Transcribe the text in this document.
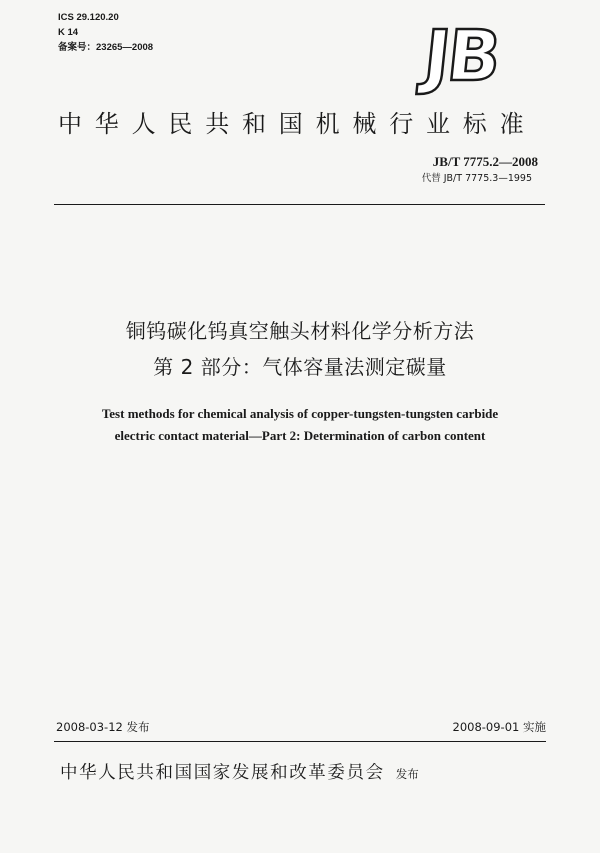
ICS 29.120.20
K 14
备案号：23265—2008	JB
中华人民共和国机械行业标准
JB/T 7775.2—2008
代替 JB/T 7775.3—1995
铜钨碳化钨真空触头材料化学分析方法
第 2 部分：气体容量法测定碳量
Test methods for chemical analysis of copper-tungsten-tungsten carbide
electric contact material—Part 2: Determination of carbon content
2008-03-12 发布	2008-09-01 实施
中华人民共和国国家发展和改革委员会 发布
